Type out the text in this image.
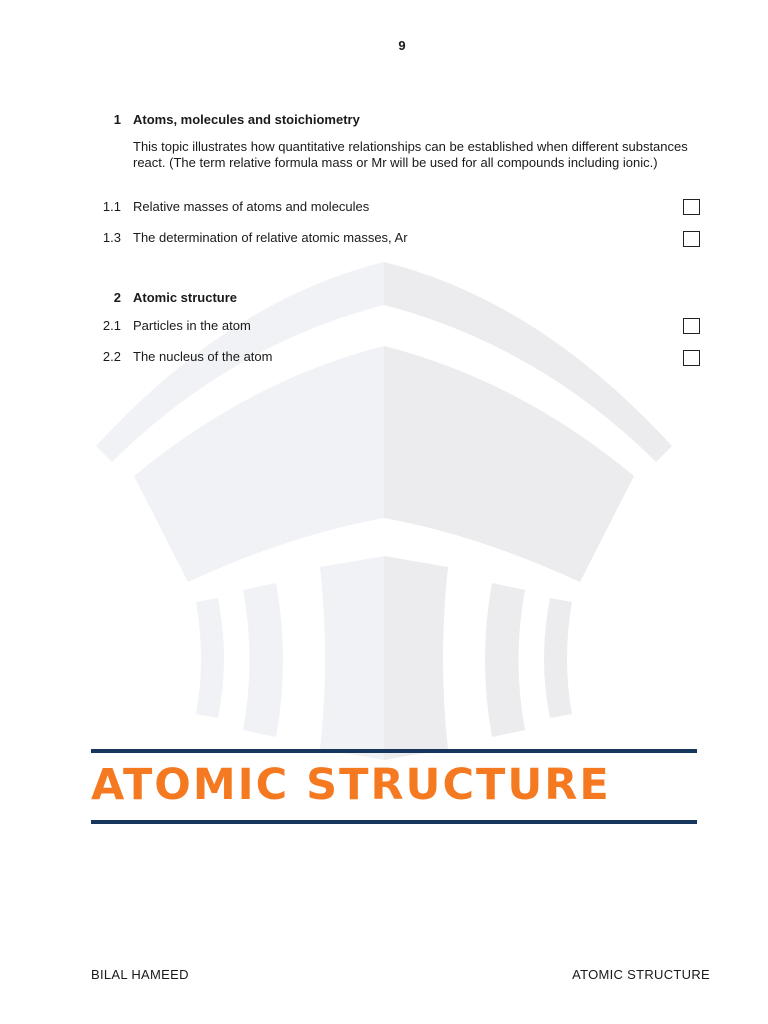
9
1 Atoms, molecules and stoichiometry
This topic illustrates how quantitative relationships can be established when different substances react. (The term relative formula mass or Mr will be used for all compounds including ionic.)
1.1 Relative masses of atoms and molecules
1.3 The determination of relative atomic masses, Ar
2 Atomic structure
2.1 Particles in the atom
2.2 The nucleus of the atom
ATOMIC STRUCTURE
BILAL HAMEED	ATOMIC STRUCTURE
